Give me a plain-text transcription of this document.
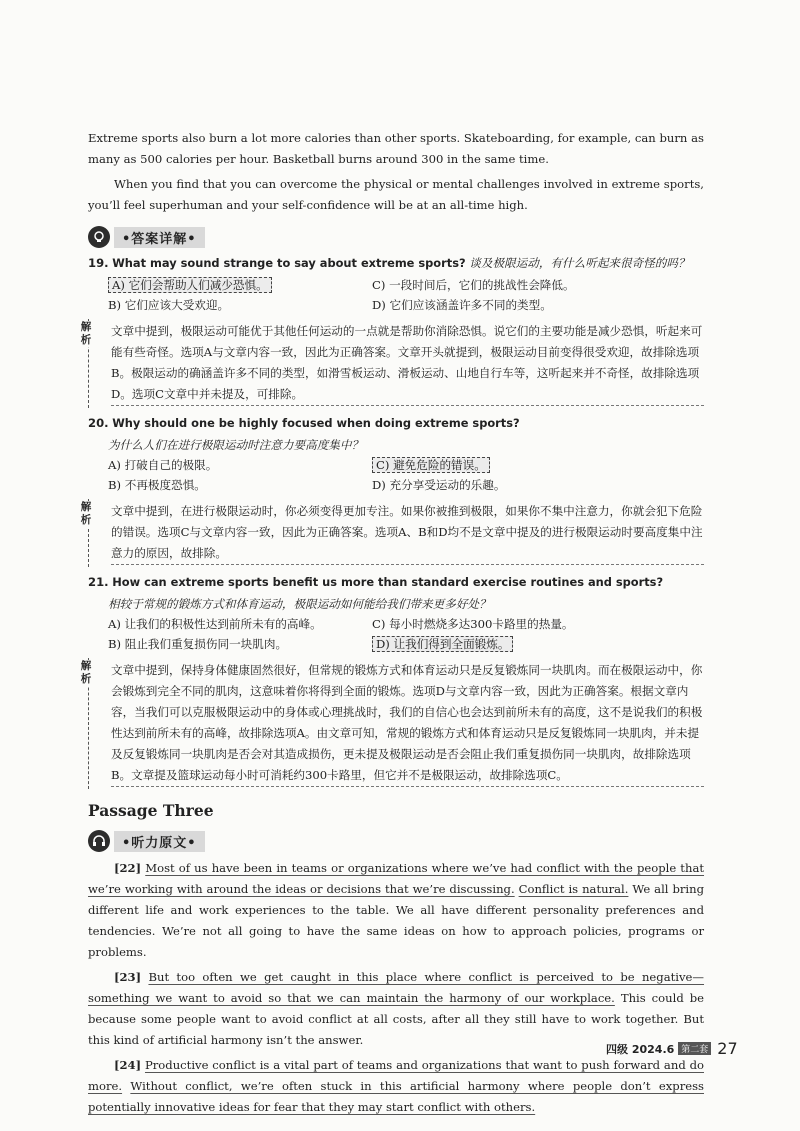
Extreme sports also burn a lot more calories than other sports. Skateboarding, for example, can burn as many as 500 calories per hour. Basketball burns around 300 in the same time.

When you find that you can overcome the physical or mental challenges involved in extreme sports, you’ll feel superhuman and your self-confidence will be at an all-time high.

•答案详解•
19. What may sound strange to say about extreme sports? 谈及极限运动，有什么听起来很奇怪的吗？
A) 它们会帮助人们减少恐惧。	C) 一段时间后，它们的挑战性会降低。
B) 它们应该大受欢迎。	D) 它们应该涵盖许多不同的类型。
解析
文章中提到，极限运动可能优于其他任何运动的一点就是帮助你消除恐惧。说它们的主要功能是减少恐惧，听起来可能有些奇怪。选项A与文章内容一致，因此为正确答案。文章开头就提到，极限运动目前变得很受欢迎，故排除选项B。极限运动的确涵盖许多不同的类型，如滑雪板运动、滑板运动、山地自行车等，这听起来并不奇怪，故排除选项D。选项C文章中并未提及，可排除。
20. Why should one be highly focused when doing extreme sports?
为什么人们在进行极限运动时注意力要高度集中？
A) 打破自己的极限。	C) 避免危险的错误。
B) 不再极度恐惧。	D) 充分享受运动的乐趣。
解析
文章中提到，在进行极限运动时，你必须变得更加专注。如果你被推到极限，如果你不集中注意力，你就会犯下危险的错误。选项C与文章内容一致，因此为正确答案。选项A、B和D均不是文章中提及的进行极限运动时要高度集中注意力的原因，故排除。
21. How can extreme sports benefit us more than standard exercise routines and sports?
相较于常规的锻炼方式和体育运动，极限运动如何能给我们带来更多好处？
A) 让我们的积极性达到前所未有的高峰。	C) 每小时燃烧多达300卡路里的热量。
B) 阻止我们重复损伤同一块肌肉。	D) 让我们得到全面锻炼。
解析
文章中提到，保持身体健康固然很好，但常规的锻炼方式和体育运动只是反复锻炼同一块肌肉。而在极限运动中，你会锻炼到完全不同的肌肉，这意味着你将得到全面的锻炼。选项D与文章内容一致，因此为正确答案。根据文章内容，当我们可以克服极限运动中的身体或心理挑战时，我们的自信心也会达到前所未有的高度，这不是说我们的积极性达到前所未有的高峰，故排除选项A。由文章可知，常规的锻炼方式和体育运动只是反复锻炼同一块肌肉，并未提及反复锻炼同一块肌肉是否会对其造成损伤，更未提及极限运动是否会阻止我们重复损伤同一块肌肉，故排除选项B。文章提及篮球运动每小时可消耗约300卡路里，但它并不是极限运动，故排除选项C。
Passage Three
•听力原文•

[22] Most of us have been in teams or organizations where we’ve had conflict with the people that we’re working with around the ideas or decisions that we’re discussing. Conflict is natural. We all bring different life and work experiences to the table. We all have different personality preferences and tendencies. We’re not all going to have the same ideas on how to approach policies, programs or problems.

[23] But too often we get caught in this place where conflict is perceived to be negative—something we want to avoid so that we can maintain the harmony of our workplace. This could be because some people want to avoid conflict at all costs, after all they still have to work together. But this kind of artificial harmony isn’t the answer.

[24] Productive conflict is a vital part of teams and organizations that want to push forward and do more. Without conflict, we’re often stuck in this artificial harmony where people don’t express potentially innovative ideas for fear that they may start conflict with others.

四级 2024.6 第二套 27
